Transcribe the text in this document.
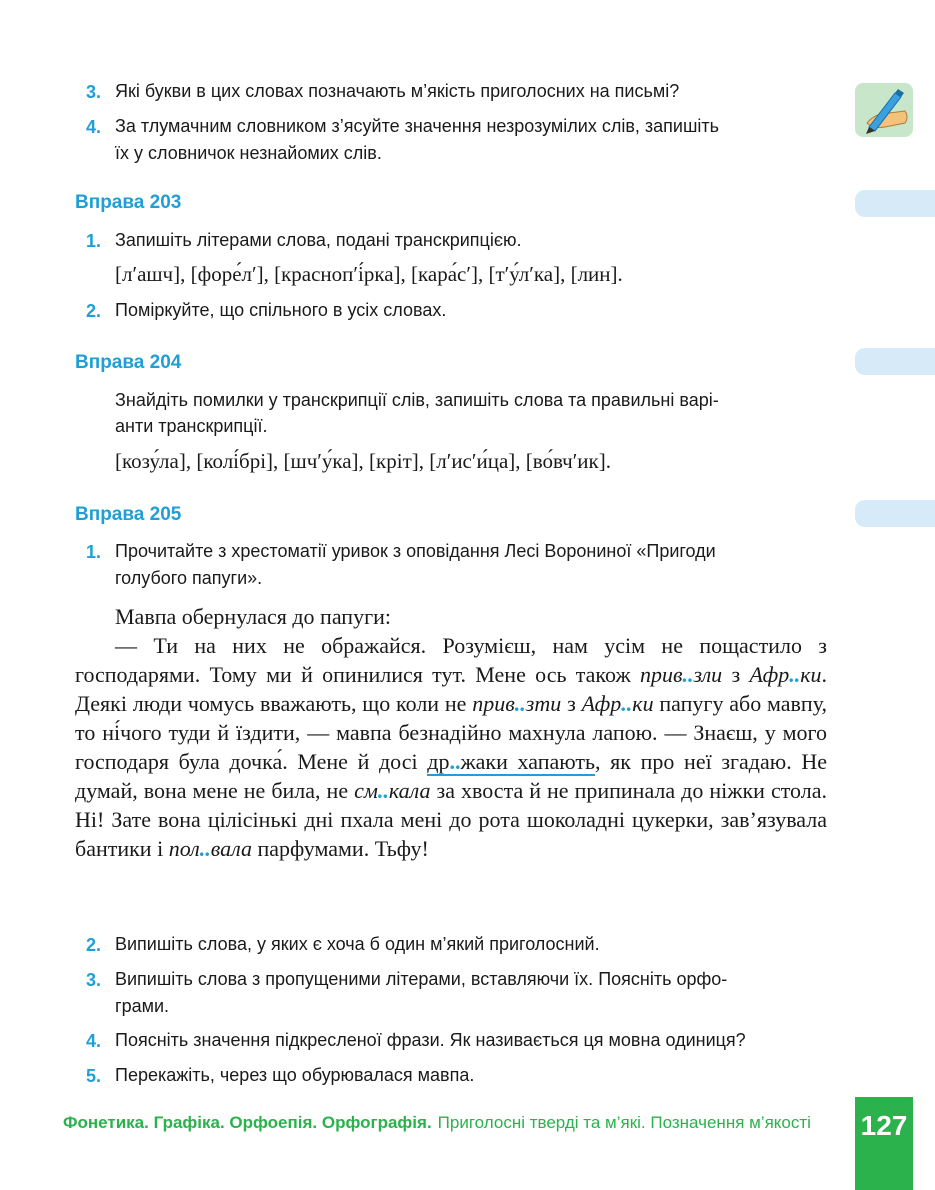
3. Які букви в цих словах позначають м’якість приголосних на письмі?
4. За тлумачним словником з’ясуйте значення незрозумілих слів, запишіть
їх у словничок незнайомих слів.
Вправа 203
1. Запишіть літерами слова, подані транскрипцією.
[л′ашч], [форе́л′], [красноп′і́рка], [кара́с′], [т′у́л′ка], [лин].
2. Поміркуйте, що спільного в усіх словах.
Вправа 204
Знайдіть помилки у транскрипції слів, запишіть слова та правильні варі-
анти транскрипції.
[козу́ла], [колі́брі], [шч′у́ка], [кріт], [л′ис′и́ца], [во́вч′ик].
Вправа 205
1. Прочитайте з хрестоматії уривок з оповідання Лесі Ворониної «Пригоди
голубого папуги».

Мавпа обернулася до папуги:

— Ти на них не ображайся. Розумієш, нам усім не пощастило з господарями. Тому ми й опинилися тут. Мене ось також прив..зли з Афр..ки. Деякі люди чомусь вважають, що коли не прив..зти з Афр..ки папугу або мавпу, то ні́чого туди й їздити, — мавпа безнадійно махнула лапою. — Знаєш, у мого господаря була дочка́. Мене й досі др..жаки хапають, як про неї згадаю. Не думай, вона мене не била, не см..кала за хвоста й не припинала до ніжки стола. Ні! Зате вона цілісінькі дні пхала мені до рота шоколадні цукерки, зав’язувала бантики і пол..вала парфумами. Тьфу!

2. Випишіть слова, у яких є хоча б один м’який приголосний.
3. Випишіть слова з пропущеними літерами, вставляючи їх. Поясніть орфо-
грами.
4. Поясніть значення підкресленої фрази. Як називається ця мовна одиниця?
5. Перекажіть, через що обурювалася мавпа.
Фонетика. Графіка. Орфоепія. Орфографія. Приголосні тверді та м’які. Позначення м’якості 127
